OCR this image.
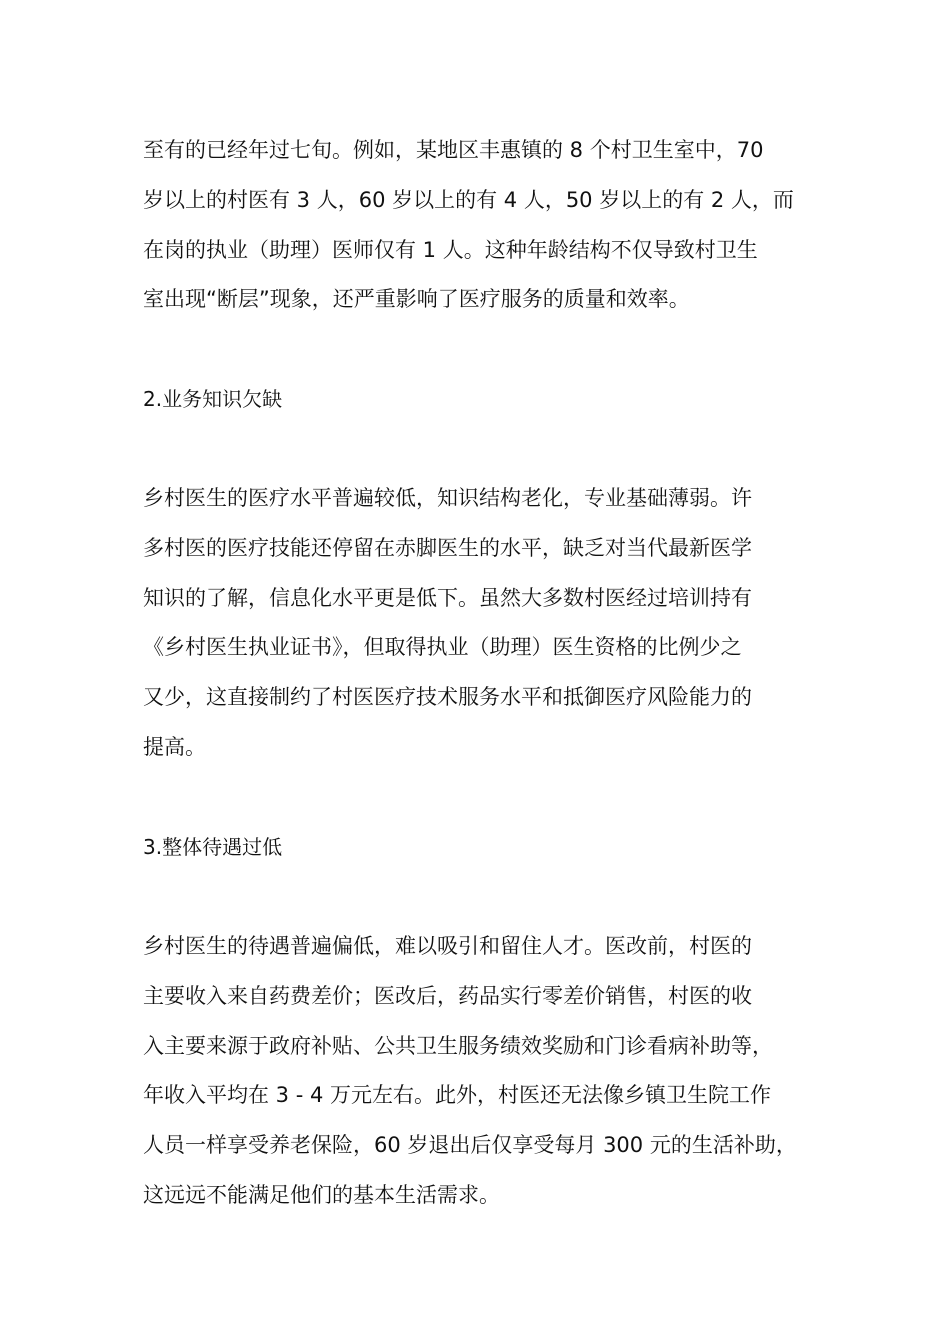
至有的已经年过七旬。例如，某地区丰惠镇的 8 个村卫生室中，70
岁以上的村医有 3 人，60 岁以上的有 4 人，50 岁以上的有 2 人，而
在岗的执业（助理）医师仅有 1 人。这种年龄结构不仅导致村卫生
室出现“断层”现象，还严重影响了医疗服务的质量和效率。
2.业务知识欠缺
乡村医生的医疗水平普遍较低，知识结构老化，专业基础薄弱。许
多村医的医疗技能还停留在赤脚医生的水平，缺乏对当代最新医学
知识的了解，信息化水平更是低下。虽然大多数村医经过培训持有
《乡村医生执业证书》，但取得执业（助理）医生资格的比例少之
又少，这直接制约了村医医疗技术服务水平和抵御医疗风险能力的
提高。
3.整体待遇过低
乡村医生的待遇普遍偏低，难以吸引和留住人才。医改前，村医的
主要收入来自药费差价；医改后，药品实行零差价销售，村医的收
入主要来源于政府补贴、公共卫生服务绩效奖励和门诊看病补助等，
年收入平均在 3 - 4 万元左右。此外，村医还无法像乡镇卫生院工作
人员一样享受养老保险，60 岁退出后仅享受每月 300 元的生活补助，
这远远不能满足他们的基本生活需求。
